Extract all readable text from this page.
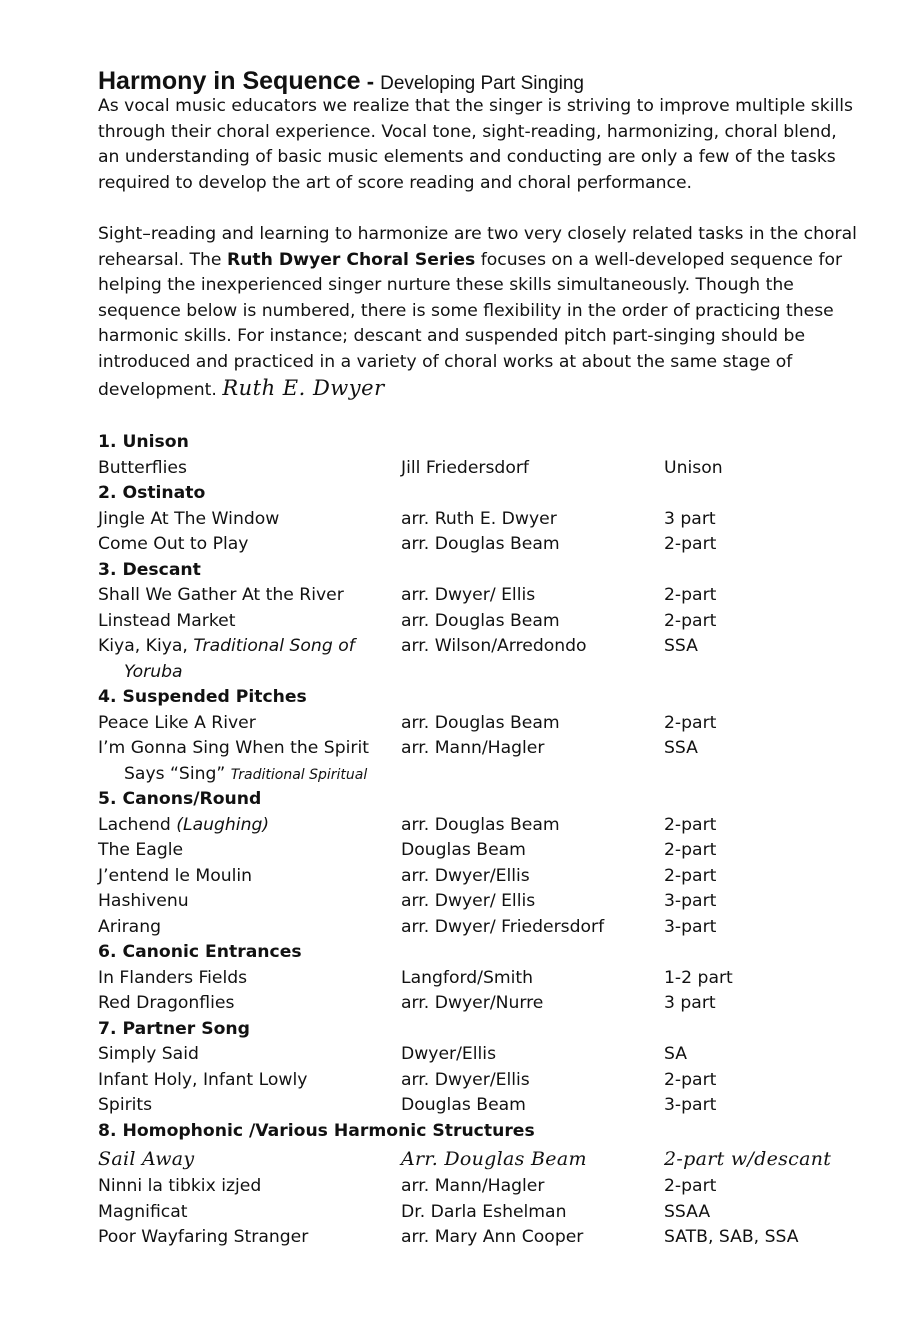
Harmony in Sequence - Developing Part Singing

As vocal music educators we realize that the singer is striving to improve multiple skills through their choral experience. Vocal tone, sight-reading, harmonizing, choral blend, an understanding of basic music elements and conducting are only a few of the tasks required to develop the art of score reading and choral performance.

Sight–reading and learning to harmonize are two very closely related tasks in the choral rehearsal. The Ruth Dwyer Choral Series focuses on a well-developed sequence for helping the inexperienced singer nurture these skills simultaneously. Though the sequence below is numbered, there is some flexibility in the order of practicing these harmonic skills. For instance; descant and suspended pitch part-singing should be introduced and practiced in a variety of choral works at about the same stage of development. Ruth E. Dwyer

1. Unison
Butterflies	Jill Friedersdorf	Unison
2. Ostinato
Jingle At The Window	arr. Ruth E. Dwyer	3 part
Come Out to Play	arr. Douglas Beam	2-part
3. Descant
Shall We Gather At the River	arr. Dwyer/ Ellis	2-part
Linstead Market	arr. Douglas Beam	2-part
Kiya, Kiya, Traditional Song of	arr. Wilson/Arredondo	SSA
Yoruba
4. Suspended Pitches
Peace Like A River	arr. Douglas Beam	2-part
I’m Gonna Sing When the Spirit arr. Mann/Hagler	SSA
Says “Sing” Traditional Spiritual
5. Canons/Round
Lachend (Laughing)	arr. Douglas Beam	2-part
The Eagle	Douglas Beam	2-part
J’entend le Moulin	arr. Dwyer/Ellis	2-part
Hashivenu	arr. Dwyer/ Ellis	3-part
Arirang	arr. Dwyer/ Friedersdorf	3-part
6. Canonic Entrances
In Flanders Fields	Langford/Smith	1-2 part
Red Dragonflies	arr. Dwyer/Nurre	3 part
7. Partner Song
Simply Said	Dwyer/Ellis	SA
Infant Holy, Infant Lowly	arr. Dwyer/Ellis	2-part
Spirits	Douglas Beam	3-part
8. Homophonic /Various Harmonic Structures
Sail Away	Arr. Douglas Beam	2-part w/descant
Ninni la tibkix izjed	arr. Mann/Hagler	2-part
Magnificat	Dr. Darla Eshelman	SSAA
Poor Wayfaring Stranger	arr. Mary Ann Cooper	SATB, SAB, SSA
